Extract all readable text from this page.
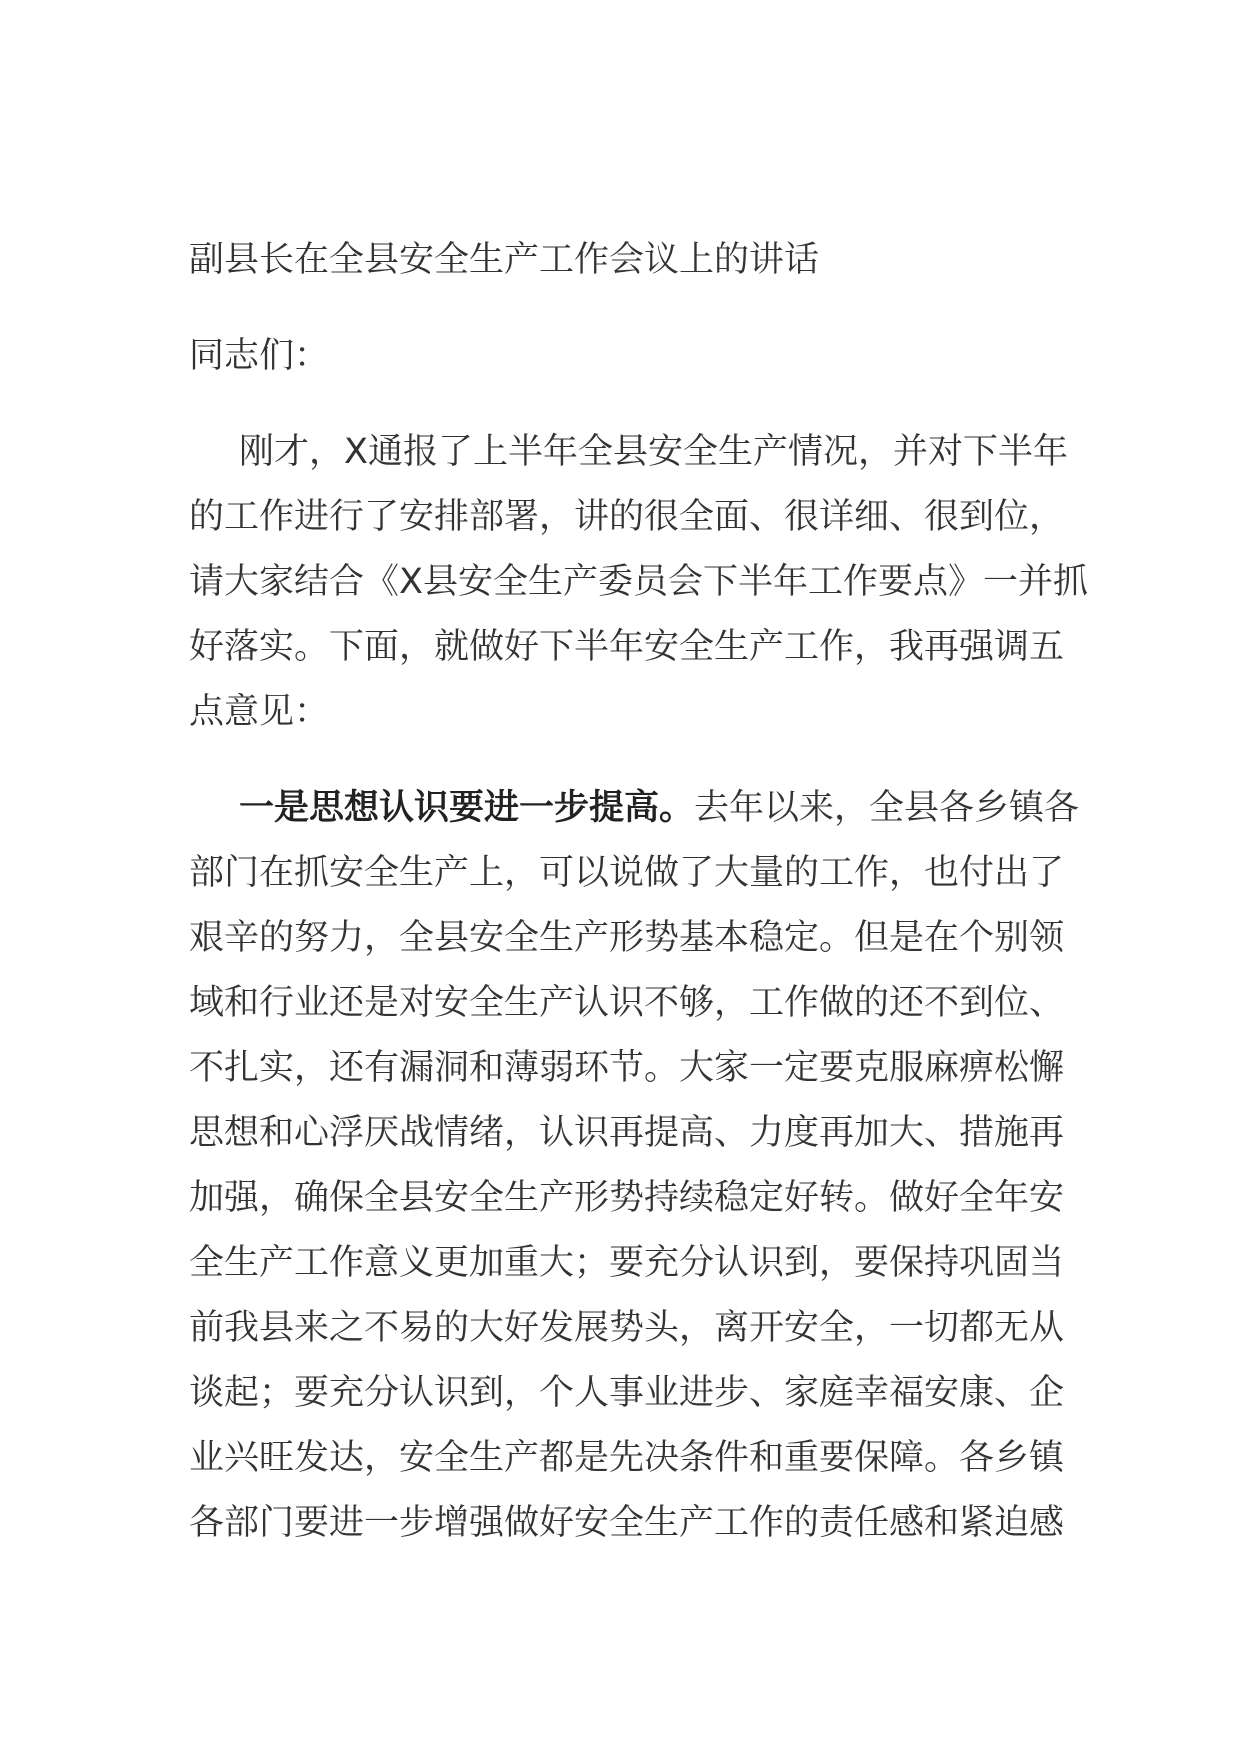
副县长在全县安全生产工作会议上的讲话
同志们：
刚才，X通报了上半年全县安全生产情况，并对下半年
的工作进行了安排部署，讲的很全面、很详细、很到位，
请大家结合《X县安全生产委员会下半年工作要点》一并抓
好落实。下面，就做好下半年安全生产工作，我再强调五
点意见：
一是思想认识要进一步提高。去年以来，全县各乡镇各
部门在抓安全生产上，可以说做了大量的工作，也付出了
艰辛的努力，全县安全生产形势基本稳定。但是在个别领
域和行业还是对安全生产认识不够，工作做的还不到位、
不扎实，还有漏洞和薄弱环节。大家一定要克服麻痹松懈
思想和心浮厌战情绪，认识再提高、力度再加大、措施再
加强，确保全县安全生产形势持续稳定好转。做好全年安
全生产工作意义更加重大；要充分认识到，要保持巩固当
前我县来之不易的大好发展势头，离开安全，一切都无从
谈起；要充分认识到，个人事业进步、家庭幸福安康、企
业兴旺发达，安全生产都是先决条件和重要保障。各乡镇
各部门要进一步增强做好安全生产工作的责任感和紧迫感
